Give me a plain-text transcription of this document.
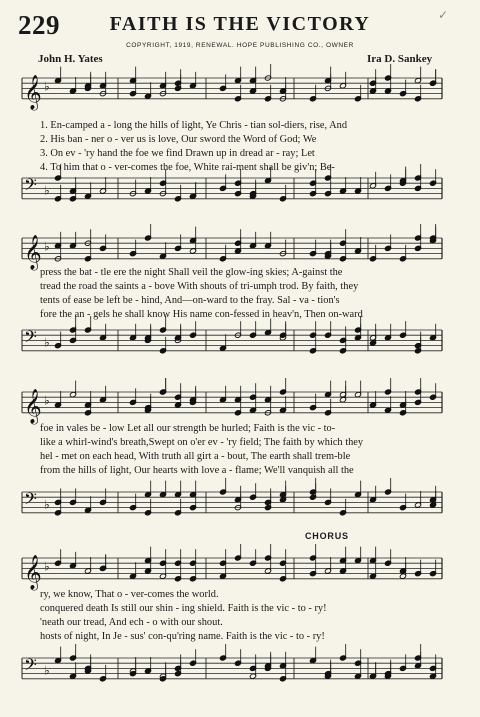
229	FAITH IS THE VICTORY	✓
COPYRIGHT, 1919, RENEWAL. HOPE PUBLISHING CO., OWNER
John H. Yates	Ira D. Sankey
𝄞 ♭
1. En-camped a - long the hills of light, Ye Chris - tian sol-diers, rise, And
2. His ban - ner o - ver us is love, Our sword the Word of God; We
3. On ev - 'ry hand the foe we find Drawn up in dread ar - ray; Let
4. To him that o - ver-comes the foe, White rai-ment shall be giv'n; Be-
𝄢 ♭
𝄞 ♭
press the bat - tle ere the night Shall veil the glow-ing skies; A-gainst the
tread the road the saints a - bove With shouts of tri-umph trod. By faith, they
tents of ease be left be - hind, And—on-ward to the fray. Sal - va - tion's
fore the an - gels he shall know His name con-fessed in heav'n, Then on-ward
𝄢 ♭
𝄞 ♭
foe in vales be - low Let all our strength be hurled; Faith is the vic - to-
like a whirl-wind's breath,Swept on o'er ev - 'ry field; The faith by which they
hel - met on each head, With truth all girt a - bout, The earth shall trem-ble
from the hills of light, Our hearts with love a - flame; We'll vanquish all the
𝄢 ♭
CHORUS
𝄞 ♭
ry, we know, That o - ver-comes the world.
conquered death Is still our shin - ing shield. Faith is the vic - to - ry!
'neath our tread, And ech - o with our shout.
hosts of night, In Je - sus' con-qu'ring name. Faith is the vic - to - ry!
𝄢 ♭
